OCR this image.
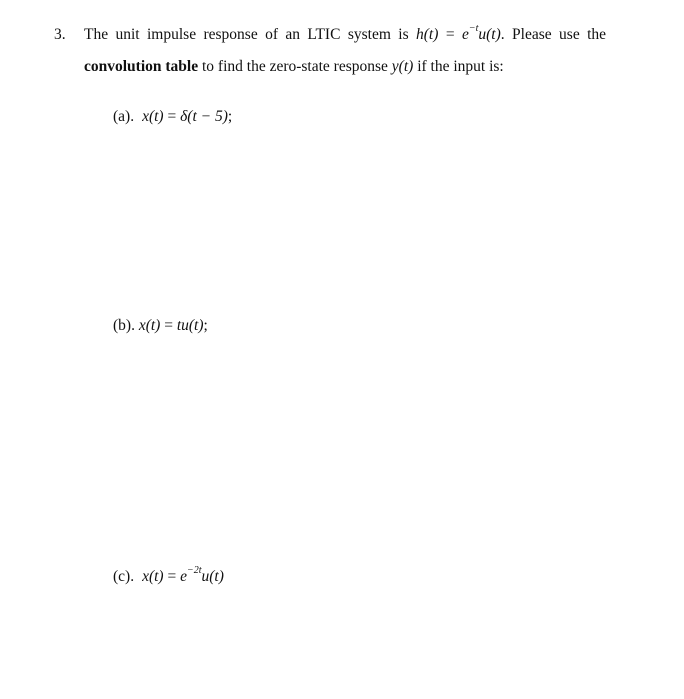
3. The unit impulse response of an LTIC system is $h(t) = e^{-t}u(t)$. Please use the
convolution table to find the zero-state response y(t) if the input is:
(a). x(t) = δ(t − 5);
(b). x(t) = tu(t);
(c). $x(t) = e^{-2t}u(t)$
